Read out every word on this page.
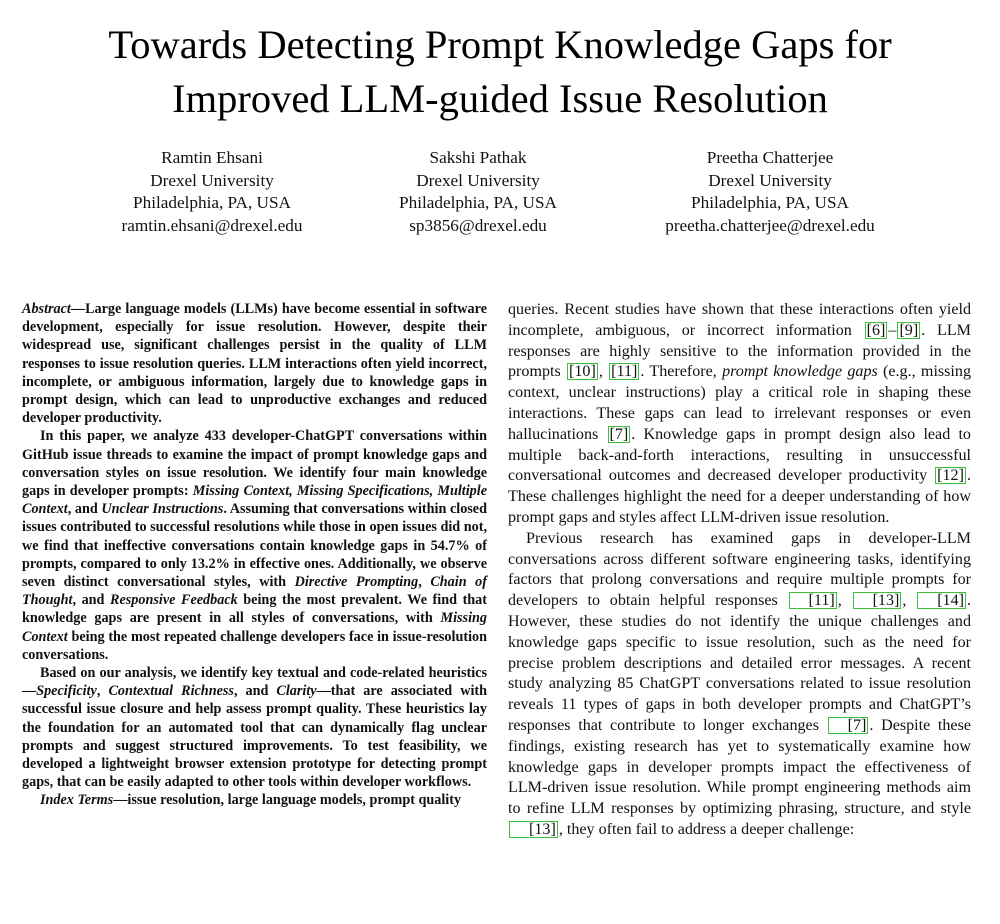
Towards Detecting Prompt Knowledge Gaps for
Improved LLM-guided Issue Resolution
Ramtin Ehsani
Drexel University
Philadelphia, PA, USA
ramtin.ehsani@drexel.edu
Sakshi Pathak
Drexel University
Philadelphia, PA, USA
sp3856@drexel.edu
Preetha Chatterjee
Drexel University
Philadelphia, PA, USA
preetha.chatterjee@drexel.edu

Abstract—Large language models (LLMs) have become essential in software development, especially for issue resolution. However, despite their widespread use, significant challenges persist in the quality of LLM responses to issue resolution queries. LLM interactions often yield incorrect, incomplete, or ambiguous information, largely due to knowledge gaps in prompt design, which can lead to unproductive exchanges and reduced developer productivity.

In this paper, we analyze 433 developer-ChatGPT conversations within GitHub issue threads to examine the impact of prompt knowledge gaps and conversation styles on issue resolution. We identify four main knowledge gaps in developer prompts: Missing Context, Missing Specifications, Multiple Context, and Unclear Instructions. Assuming that conversations within closed issues contributed to successful resolutions while those in open issues did not, we find that ineffective conversations contain knowledge gaps in 54.7% of prompts, compared to only 13.2% in effective ones. Additionally, we observe seven distinct conversational styles, with Directive Prompting, Chain of Thought, and Responsive Feedback being the most prevalent. We find that knowledge gaps are present in all styles of conversations, with Missing Context being the most repeated challenge developers face in issue-resolution conversations.

Based on our analysis, we identify key textual and code-related heuristics—Specificity, Contextual Richness, and Clarity—that are associated with successful issue closure and help assess prompt quality. These heuristics lay the foundation for an automated tool that can dynamically flag unclear prompts and suggest structured improvements. To test feasibility, we developed a lightweight browser extension prototype for detecting prompt gaps, that can be easily adapted to other tools within developer workflows.

Index Terms—issue resolution, large language models, prompt quality

queries. Recent studies have shown that these interactions often yield incomplete, ambiguous, or incorrect information [6] – [9] . LLM responses are highly sensitive to the information provided in the prompts [10] , [11] . Therefore, prompt knowledge gaps (e.g., missing context, unclear instructions) play a critical role in shaping these interactions. These gaps can lead to irrelevant responses or even hallucinations [7] . Knowledge gaps in prompt design also lead to multiple back-and-forth interactions, resulting in unsuccessful conversational outcomes and decreased developer productivity [12] . These challenges highlight the need for a deeper understanding of how prompt gaps and styles affect LLM-driven issue resolution.

Previous research has examined gaps in developer-LLM conversations across different software engineering tasks, identifying factors that prolong conversations and require multiple prompts for developers to obtain helpful responses [11] , [13] , [14] . However, these studies do not identify the unique challenges and knowledge gaps specific to issue resolution, such as the need for precise problem descriptions and detailed error messages. A recent study analyzing 85 ChatGPT conversations related to issue resolution reveals 11 types of gaps in both developer prompts and ChatGPT’s responses that contribute to longer exchanges [7] . Despite these findings, existing research has yet to systematically examine how knowledge gaps in developer prompts impact the effectiveness of LLM-driven issue resolution. While prompt engineering methods aim to refine LLM responses by optimizing phrasing, structure, and style [13] , they often fail to address a deeper challenge:
